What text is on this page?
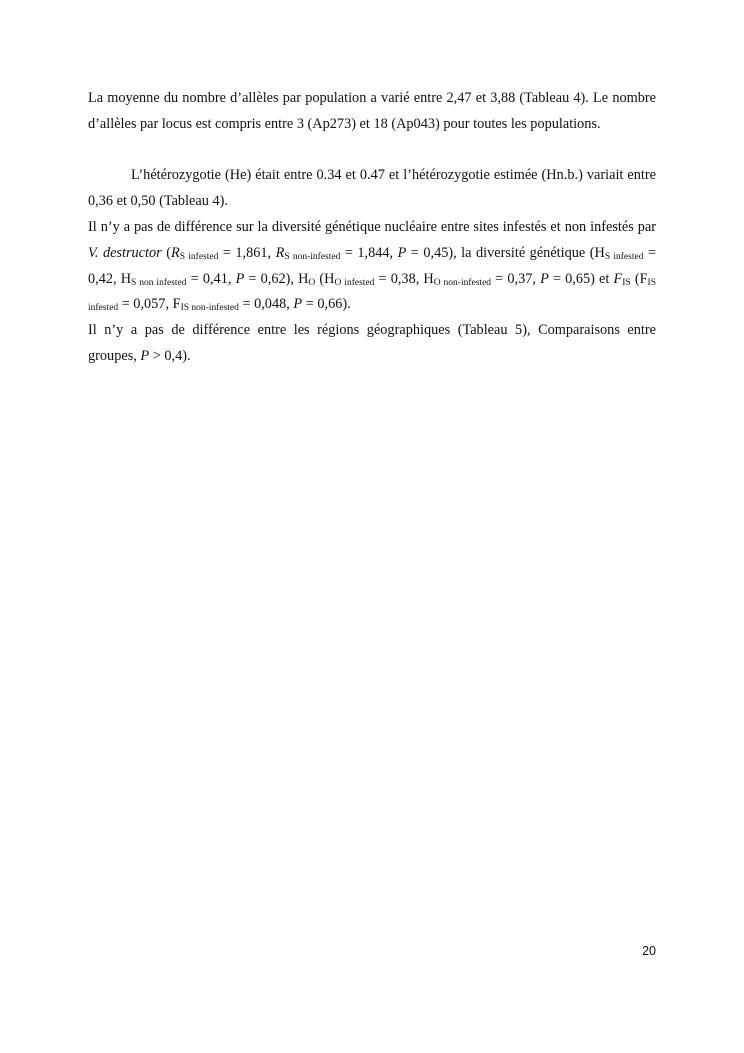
La moyenne du nombre d’allèles par population a varié entre 2,47 et 3,88 (Tableau 4). Le nombre d’allèles par locus est compris entre 3 (Ap273) et 18 (Ap043) pour toutes les populations.

L’hétérozygotie (He) était entre 0.34 et 0.47 et l’hétérozygotie estimée (Hn.b.) variait entre 0,36 et 0,50 (Tableau 4).

Il n’y a pas de différence sur la diversité génétique nucléaire entre sites infestés et non infestés par V. destructor ($R_{S infested} = 1,861$, $R_{S non-infested} = 1,844$, P = 0,45), la diversité génétique ($H_{S infested} = 0,42$, $H_{S non infested} = 0,41$, P = 0,62), $H_O$ ($H_{O infested} = 0,38$, $H_{O non-infested} = 0,37$, P = 0,65) et $F_{IS}$ ($F_{IS infested} = 0,057$, $F_{IS non-infested} = 0,048$, P = 0,66).

Il n’y a pas de différence entre les régions géographiques (Tableau 5), Comparaisons entre groupes, P > 0,4).

20
